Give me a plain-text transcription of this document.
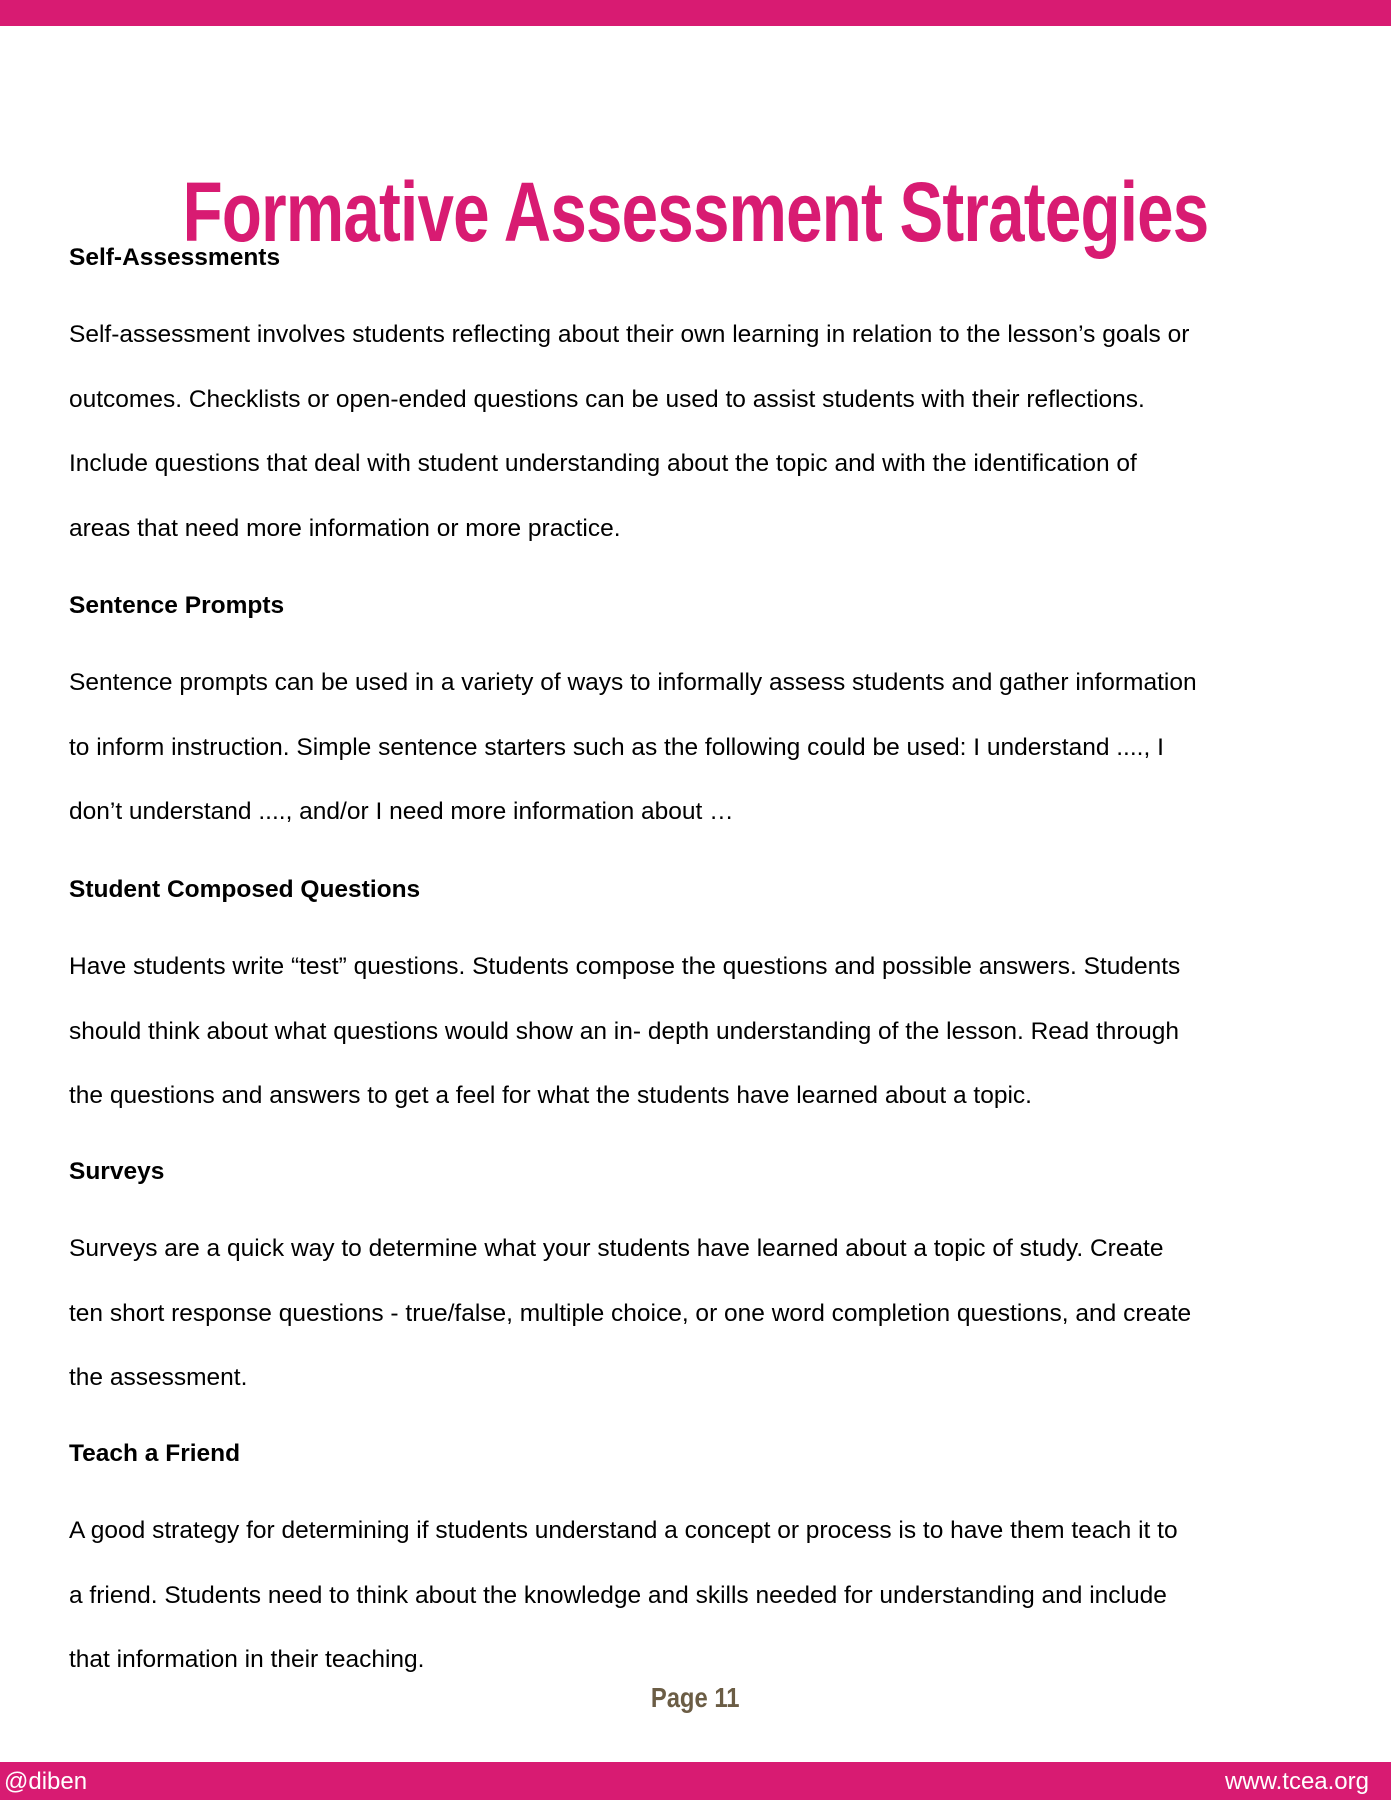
Formative Assessment Strategies
Self-Assessments

Self-assessment involves students reflecting about their own learning in relation to the lesson’s goals or
outcomes. Checklists or open-ended questions can be used to assist students with their reflections.
Include questions that deal with student understanding about the topic and with the identification of
areas that need more information or more practice.

Sentence Prompts

Sentence prompts can be used in a variety of ways to informally assess students and gather information
to inform instruction. Simple sentence starters such as the following could be used: I understand ...., I
don’t understand ...., and/or I need more information about …

Student Composed Questions

Have students write “test” questions. Students compose the questions and possible answers. Students
should think about what questions would show an in- depth understanding of the lesson. Read through
the questions and answers to get a feel for what the students have learned about a topic.

Surveys

Surveys are a quick way to determine what your students have learned about a topic of study. Create
ten short response questions - true/false, multiple choice, or one word completion questions, and create
the assessment.

Teach a Friend

A good strategy for determining if students understand a concept or process is to have them teach it to
a friend. Students need to think about the knowledge and skills needed for understanding and include
that information in their teaching.

Page 11
@diben	www.tcea.org
